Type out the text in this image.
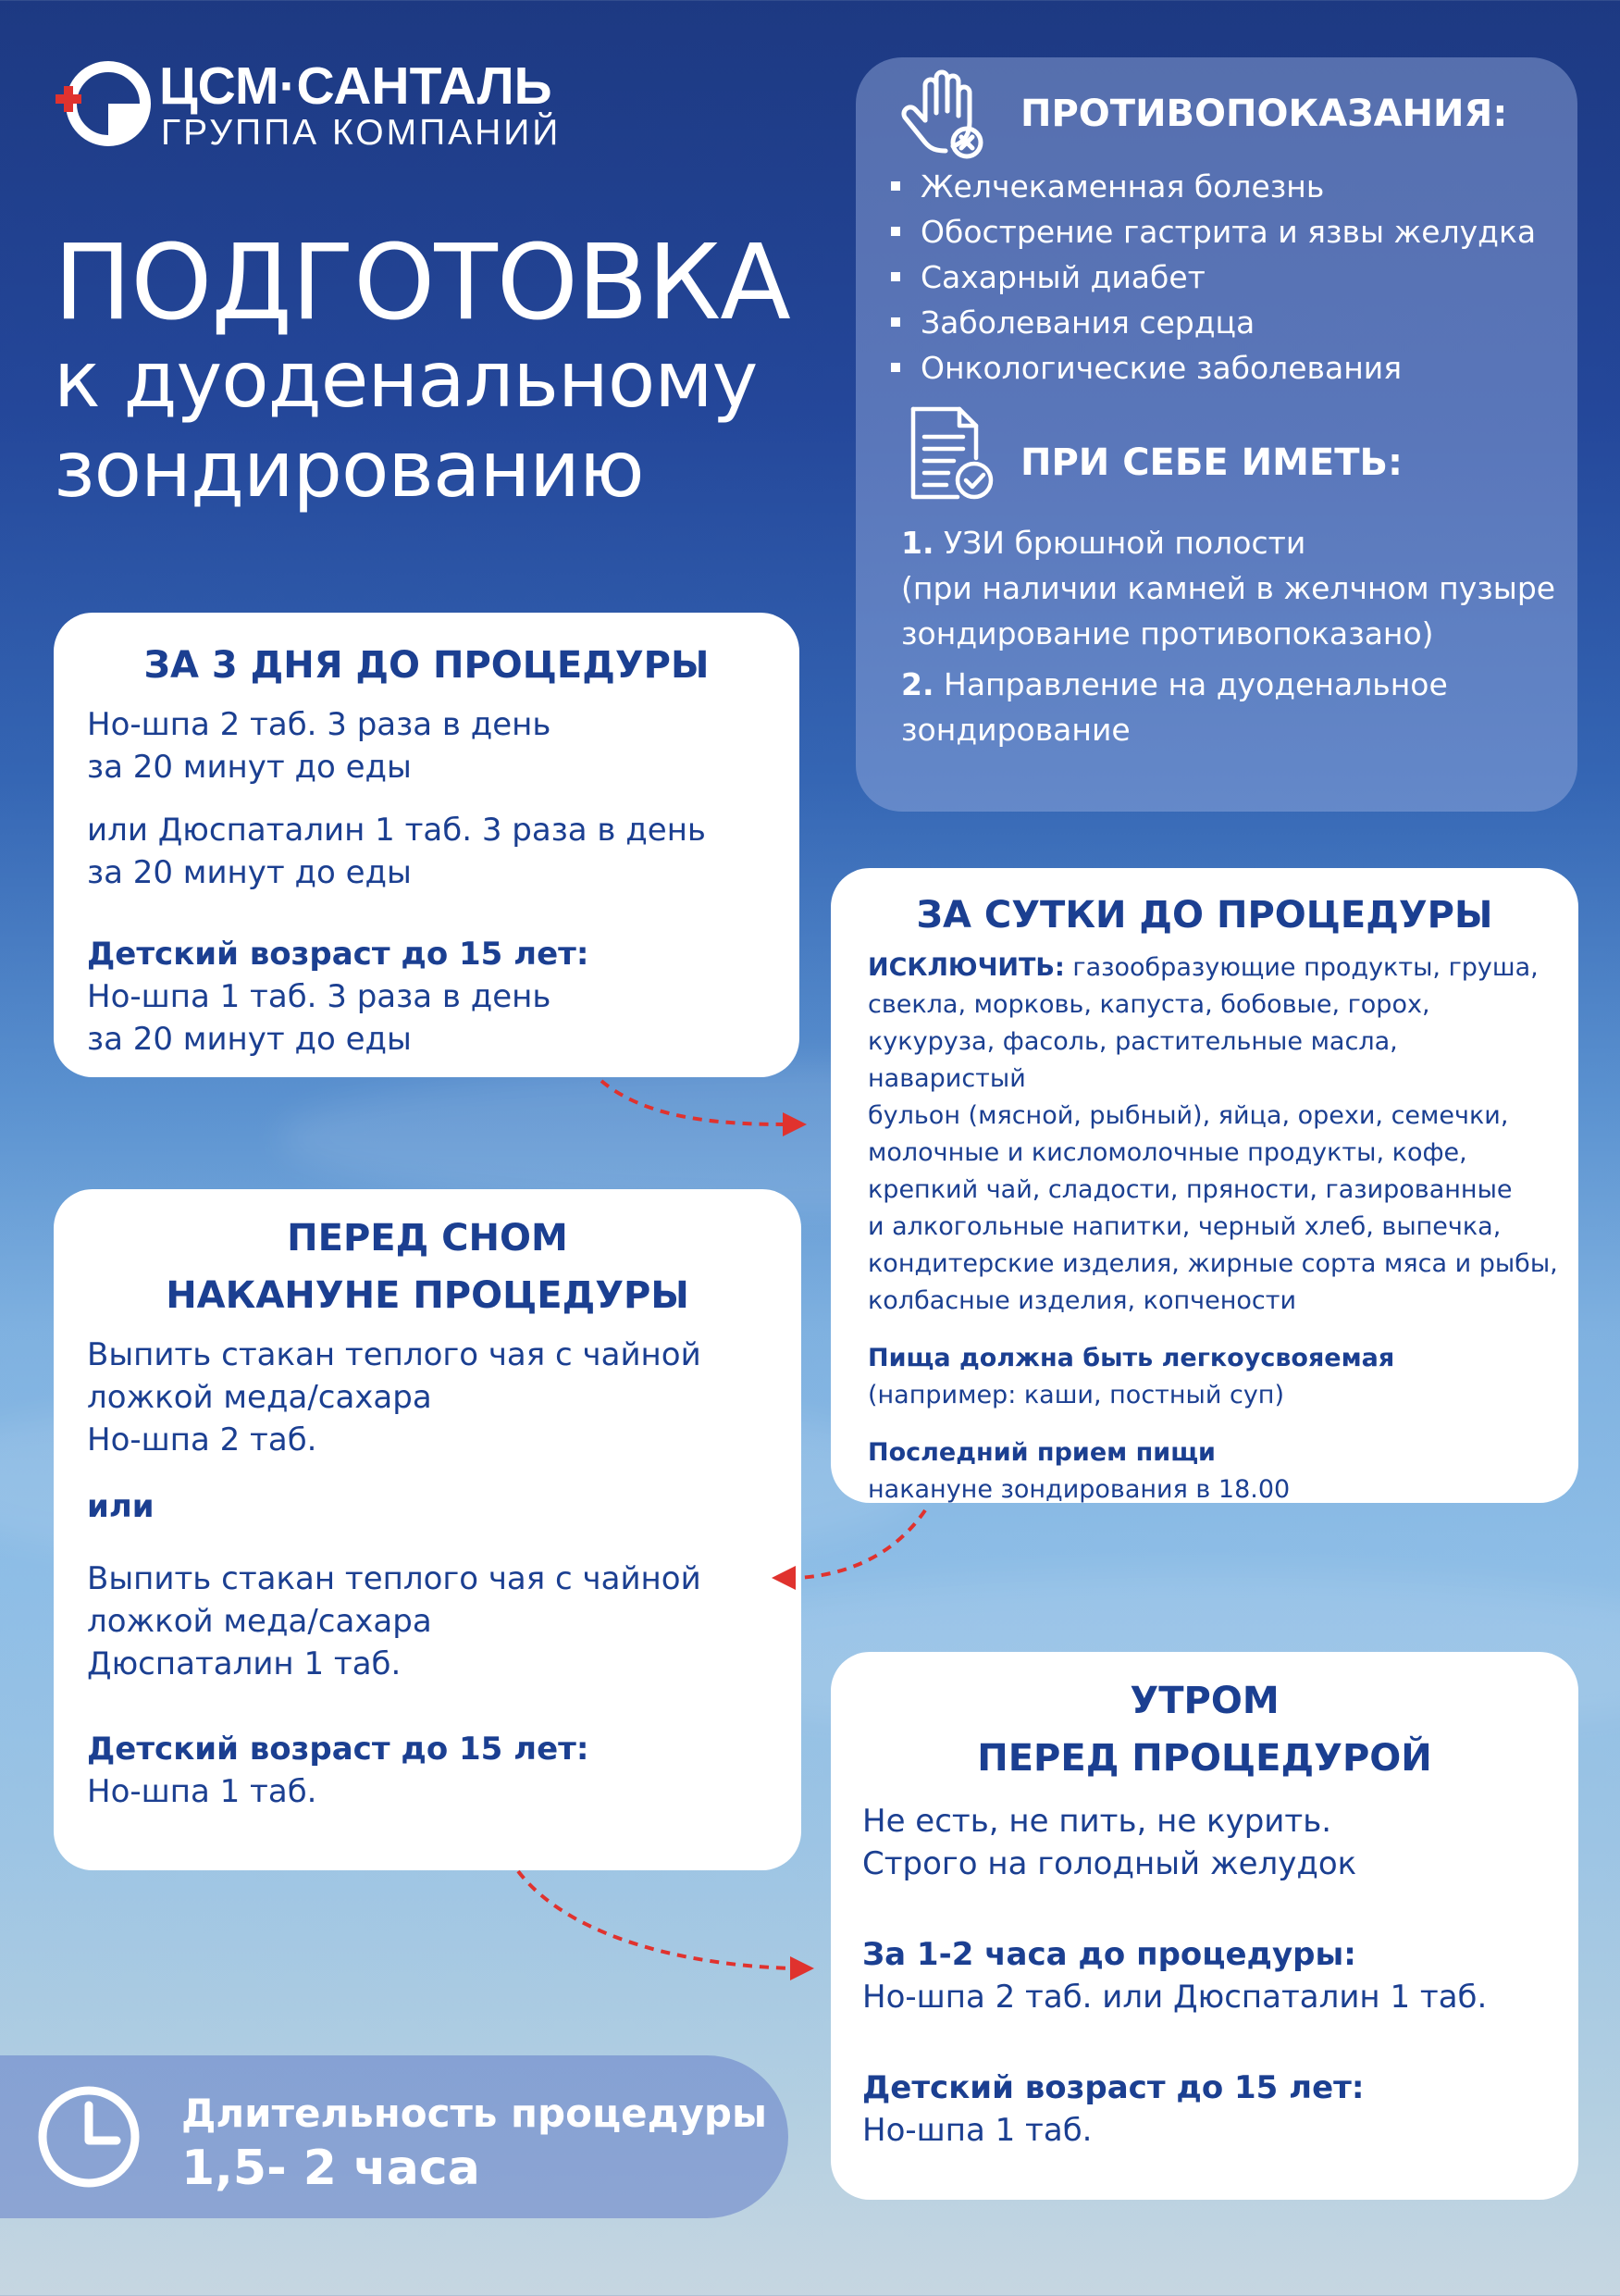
ЦСМ·САНТАЛЬ
ГРУППА КОМПАНИЙ
ПОДГОТОВКА
к дуоденальному
зондированию
ПРОТИВОПОКАЗАНИЯ:
Желчекаменная болезнь
Обострение гастрита и язвы желудка
Сахарный диабет
Заболевания сердца
Онкологические заболевания
ПРИ СЕБЕ ИМЕТЬ:
1. УЗИ брюшной полости
(при наличии камней в желчном пузыре
зондирование противопоказано)
2. Направление на дуоденальное
зондирование
ЗА 3 ДНЯ ДО ПРОЦЕДУРЫ
Но-шпа 2 таб. 3 раза в день
за 20 минут до еды
или Дюспаталин 1 таб. 3 раза в день
за 20 минут до еды
Детский возраст до 15 лет:
Но-шпа 1 таб. 3 раза в день
за 20 минут до еды
ЗА СУТКИ ДО ПРОЦЕДУРЫ
ИСКЛЮЧИТЬ: газообразующие продукты, груша,
свекла, морковь, капуста, бобовые, горох,
кукуруза, фасоль, растительные масла, наваристый
бульон (мясной, рыбный), яйца, орехи, семечки,
молочные и кисломолочные продукты, кофе,
крепкий чай, сладости, пряности, газированные
и алкогольные напитки, черный хлеб, выпечка,
кондитерские изделия, жирные сорта мяса и рыбы,
колбасные изделия, копчености
Пища должна быть легкоусвояемая
(например: каши, постный суп)
Последний прием пищи
накануне зондирования в 18.00
ПЕРЕД СНОМ
НАКАНУНЕ ПРОЦЕДУРЫ
Выпить стакан теплого чая с чайной
ложкой меда/сахара
Но-шпа 2 таб.
или
Выпить стакан теплого чая с чайной
ложкой меда/сахара
Дюспаталин 1 таб.
Детский возраст до 15 лет:
Но-шпа 1 таб.
УТРОМ
ПЕРЕД ПРОЦЕДУРОЙ
Не есть, не пить, не курить.
Строго на голодный желудок
За 1-2 часа до процедуры:
Но-шпа 2 таб. или Дюспаталин 1 таб.
Детский возраст до 15 лет:
Но-шпа 1 таб.
Длительность процедуры
1,5- 2 часа
